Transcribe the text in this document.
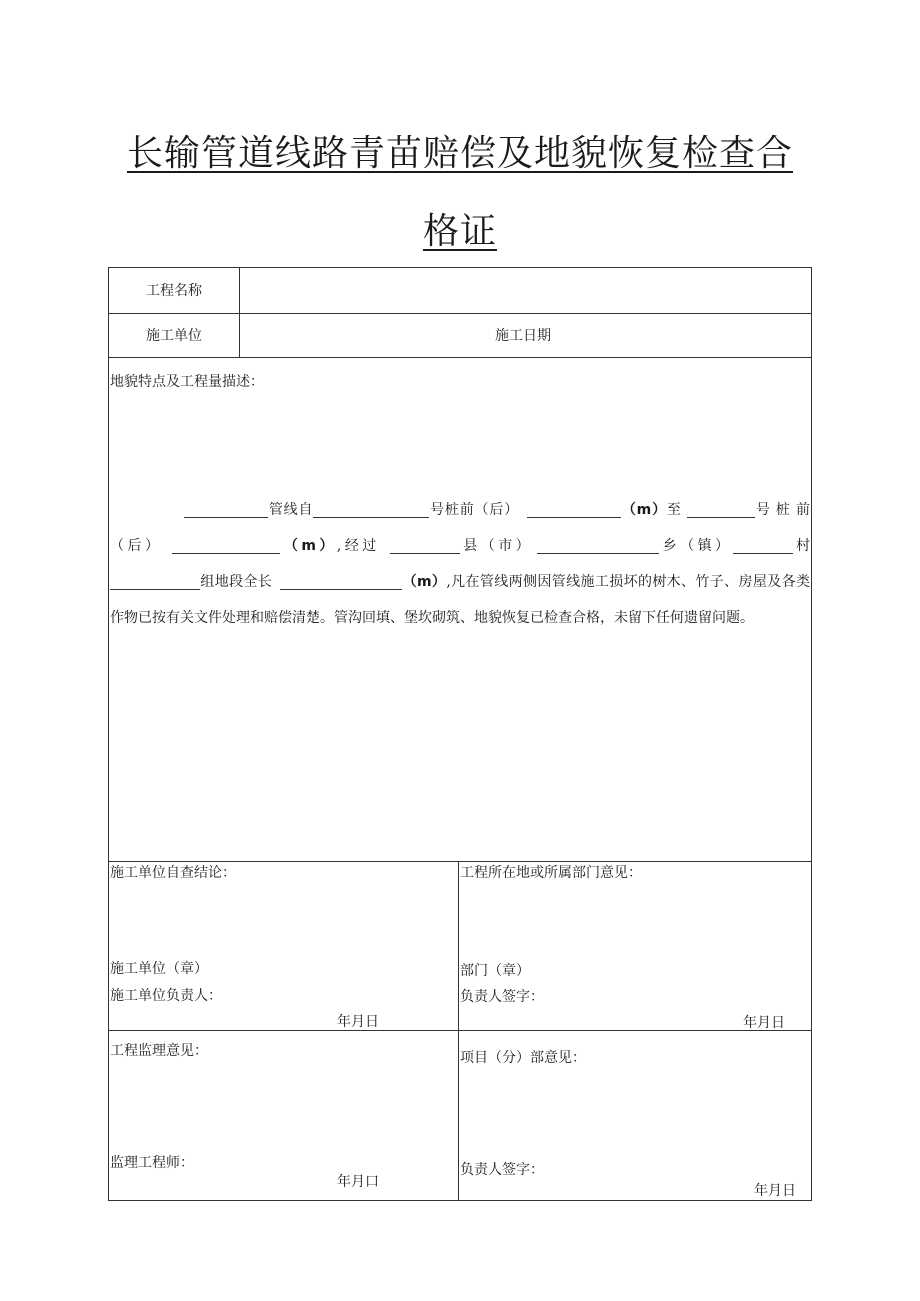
长输管道线路青苗赔偿及地貌恢复检查合
格证
工程名称
施工单位	施工日期
地貌特点及工程量描述：
管线自	号桩前（后）	（m）至	号 桩 前 （后）	（m）,经过	县（市）	乡（镇）	村 组地段全长	（m）,凡在管线两侧因管线施工损坏的树木、竹子、房屋及各类作物已按有关文件处理和赔偿清楚。管沟回填、堡坎砌筑、地貌恢复已检查合格，未留下任何遗留问题。
施工单位自查结论：
施工单位（章）
施工单位负责人：
年月日
工程所在地或所属部门意见：
部门（章）
负责人签字：
年月日
工程监理意见：
监理工程师：
年月口
项目（分）部意见：
负责人签字：
年月日
